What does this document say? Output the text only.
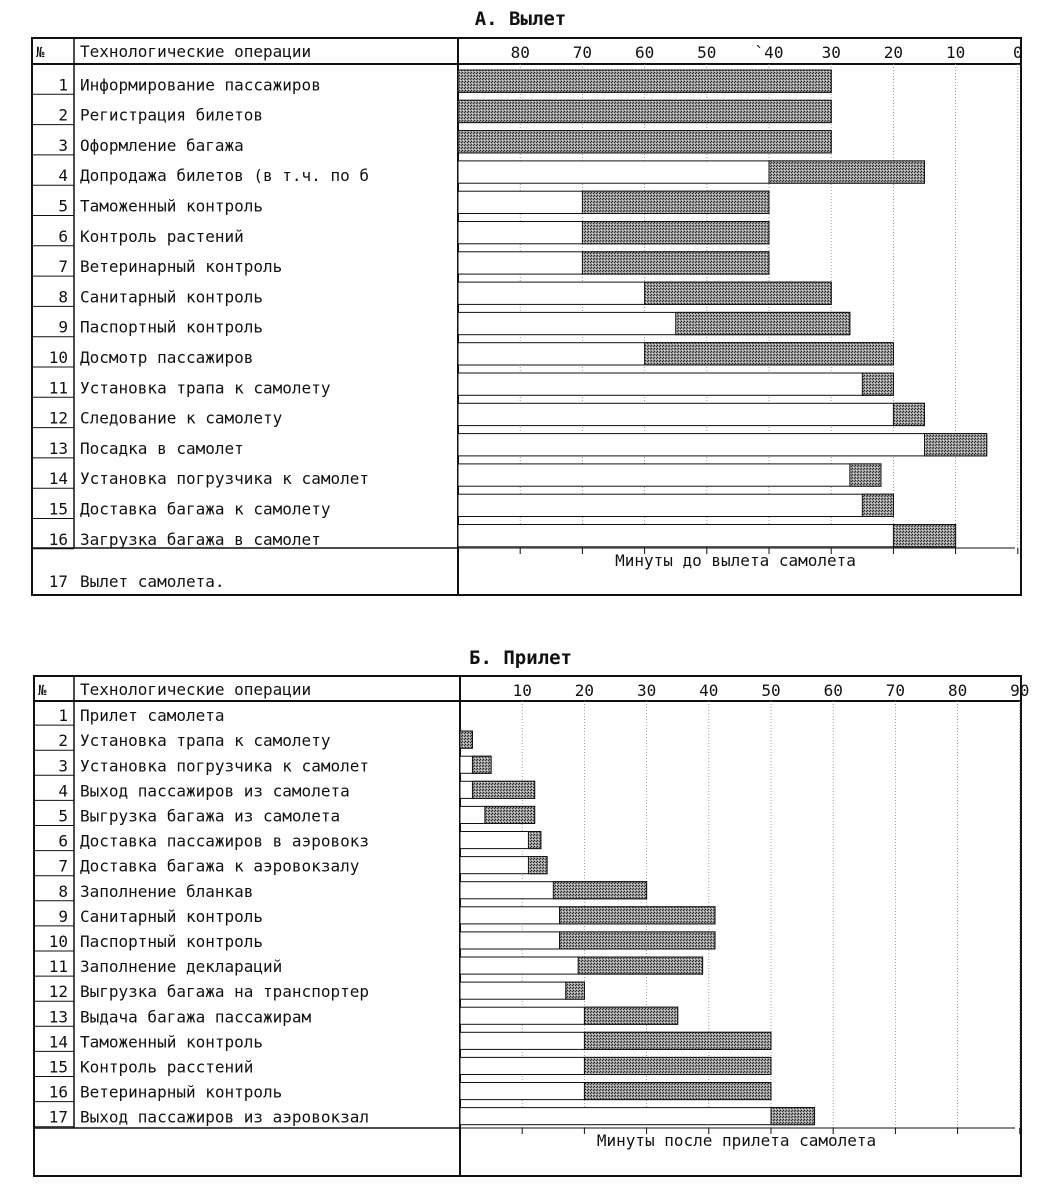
А. Вылет
№ Технологические операции	80	70	60	50 `40 30	20	10	0
1 Информирование пассажиров
2 Регистрация билетов
3 Оформление багажа
4 Допродажа билетов (в т.ч. по б
5 Таможенный контроль
6 Контроль растений
7 Ветеринарный контроль
8 Санитарный контроль
9 Паспортный контроль
10 Досмотр пассажиров
11 Установка трапа к самолету
12 Следование к самолету
13 Посадка в самолет
14 Установка погрузчика к самолет
15 Доставка багажа к самолету
16 Загрузка багажа в самолет
17 Вылет самолета.
Минуты до вылета самолета
Б. Прилет
№ Технологические операции	10	20	30	40	50	60	70	80	90
1 Прилет самолета
2 Установка трапа к самолету
3 Установка погрузчика к самолет
4 Выход пассажиров из самолета
5 Выгрузка багажа из самолета
6 Доставка пассажиров в аэровокз
7 Доставка багажа к аэровокзалу
8 Заполнение бланкав
9 Санитарный контроль
10 Паспортный контроль
11 Заполнение деклараций
12 Выгрузка багажа на транспортер
13 Выдача багажа пассажирам
14 Таможенный контроль
15 Контроль расстений
16 Ветеринарный контроль
17 Выход пассажиров из аэровокзал
Минуты после прилета самолета
